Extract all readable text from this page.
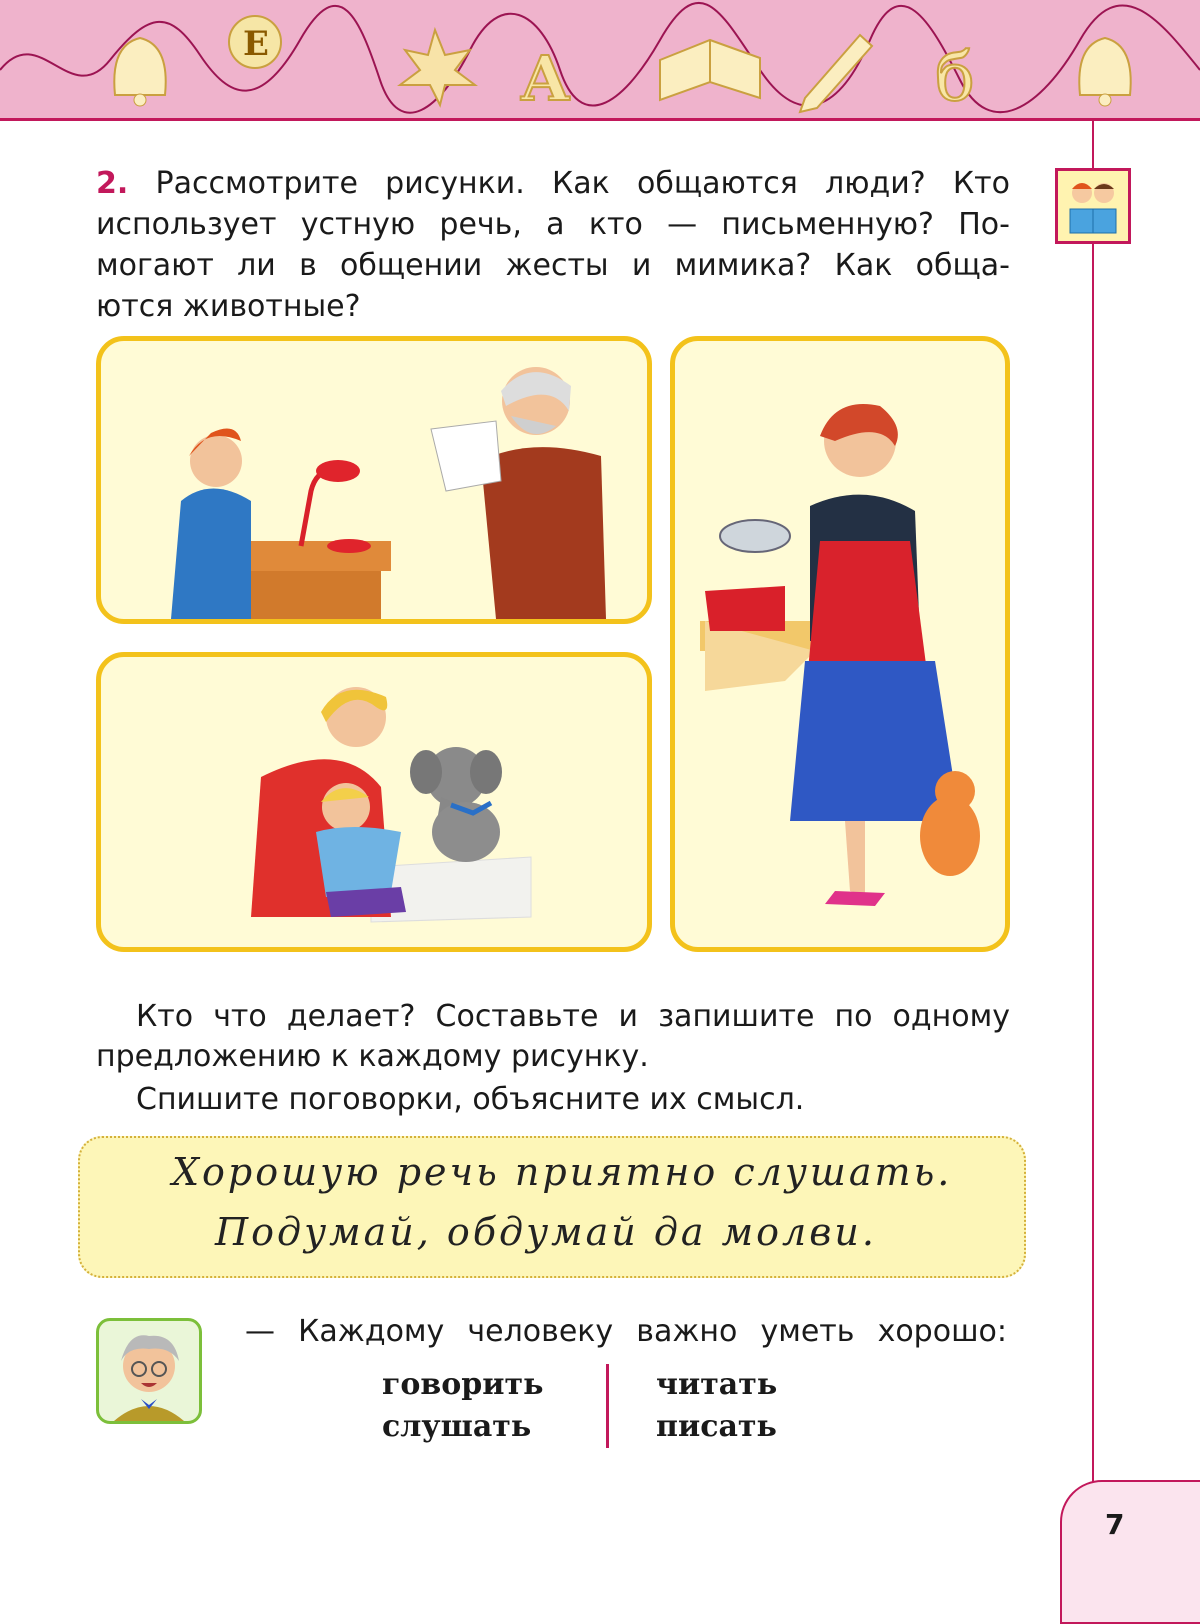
Е	А	б
2. Рассмотрите рисунки. Как общаются люди? Кто
использует устную речь, а кто — письменную? По-
могают ли в общении жесты и мимика? Как обща-
ются животные?
Кто что делает? Составьте и запишите по одному
предложению к каждому рисунку.
Спишите поговорки, объясните их смысл.
Хорошую речь приятно слушать.
Подумай, обдумай да молви.
— Каждому человеку важно уметь хорошо:
говорить
слушать
читать
писать
7
